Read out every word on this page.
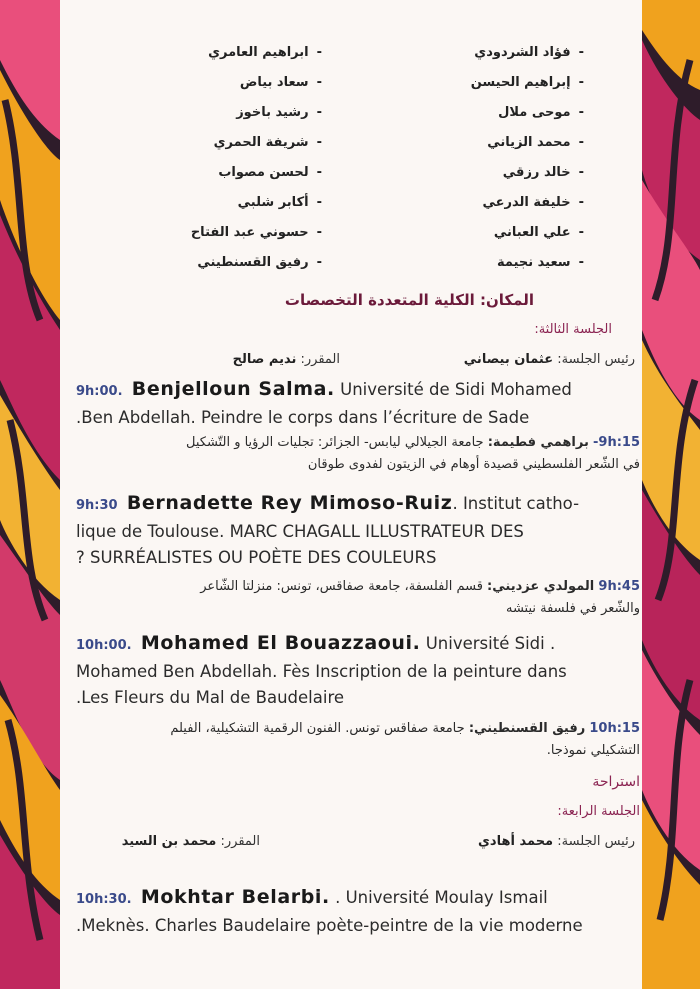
-فؤاد الشردودي
-إبراهيم الحيسن
-موحى ملال
-محمد الزياني
-خالد رزقي
-خليفة الدرعي
-علي العباني
-سعيد نجيمة
-ابراهيم العامري
-سعاد بياض
-رشيد باخوز
-شريفة الحمري
-لحسن مصواب
-أكابر شلبي
-حسوني عبد الفتاح
-رفيق القسنطيني
المكان: الكلية المتعددة التخصصات
الجلسة الثالثة:
رئيس الجلسة: عثمان بيصاني
المقرر: نديم صالح
9h:00. Benjelloun Salma. Université de Sidi Mohamed
.Ben Abdellah. Peindre le corps dans l’écriture de Sade
9h:15- براهمي فطيمة: جامعة الجيلالي ليابس- الجزائر: تجليات الرؤيا و التّشكيل
في الشّعر الفلسطيني قصيدة أوهام في الزيتون لفدوى طوقان
9h:30 Bernadette Rey Mimoso-Ruiz. Institut catho-
lique de Toulouse. MARC CHAGALL ILLUSTRATEUR DES
? SURRÉALISTES OU POÈTE DES COULEURS
9h:45 المولدي عزديني: قسم الفلسفة، جامعة صفاقس، تونس: منزلتا الشّاعر
والشّعر في فلسفة نيتشه
10h:00. Mohamed El Bouazzaoui. Université Sidi .
Mohamed Ben Abdellah. Fès Inscription de la peinture dans
.Les Fleurs du Mal de Baudelaire
10h:15 رفيق القسنطيني: جامعة صفاقس تونس. الفنون الرقمية التشكيلية، الفيلم
التشكيلي نموذجا.
استراحة
الجلسة الرابعة:
رئيس الجلسة: محمد أهادي
المقرر: محمد بن السيد
10h:30. Mokhtar Belarbi. . Université Moulay Ismail
.Meknès. Charles Baudelaire poète-peintre de la vie moderne
